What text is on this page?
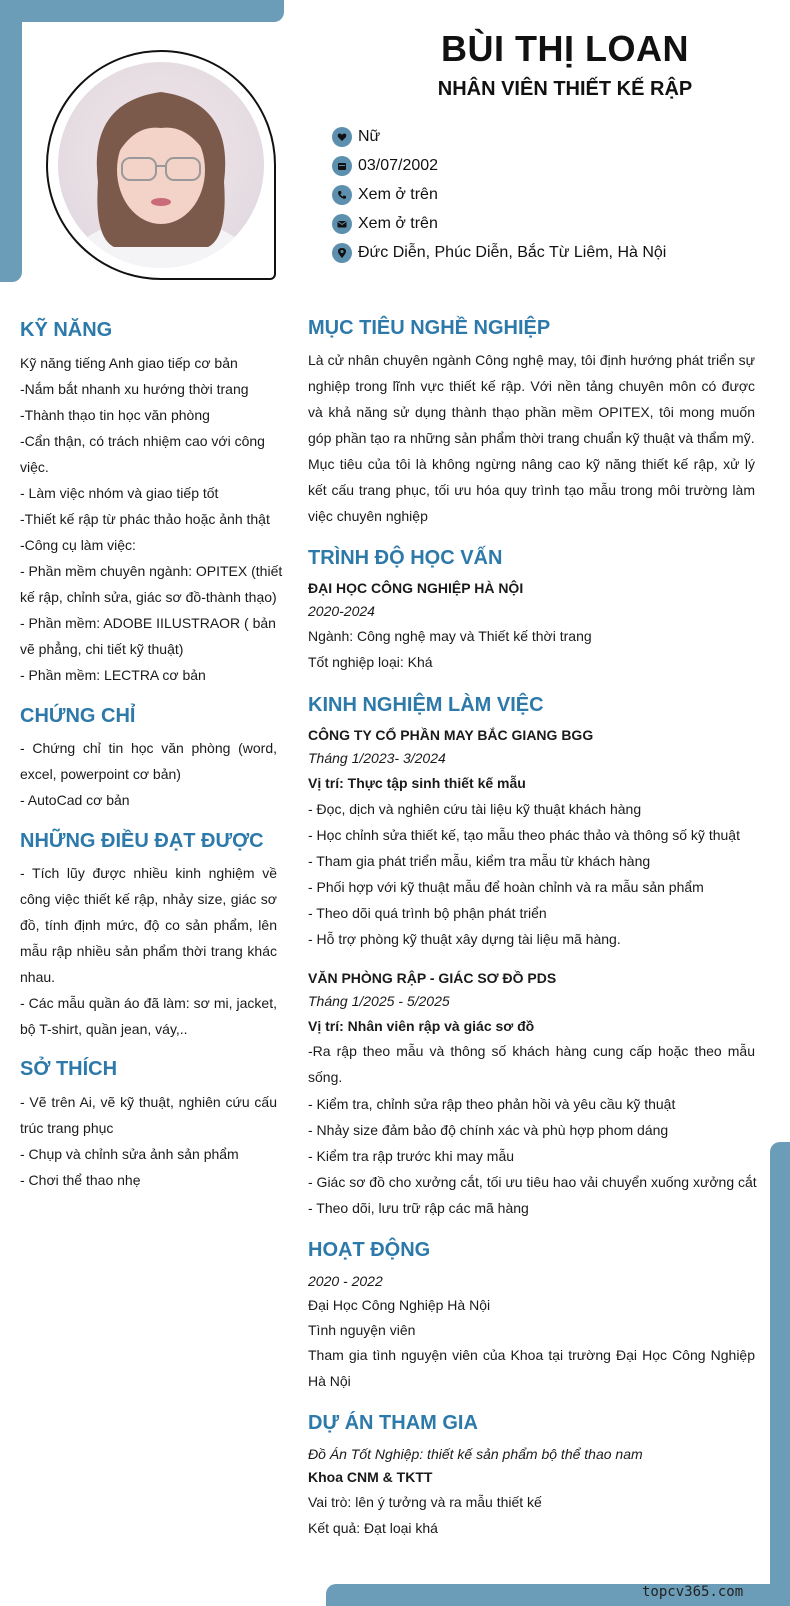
BÙI THỊ LOAN
NHÂN VIÊN THIẾT KẾ RẬP
Nữ
03/07/2002
Xem ở trên
Xem ở trên
Đức Diễn, Phúc Diễn, Bắc Từ Liêm, Hà Nội
KỸ NĂNG
Kỹ năng tiếng Anh giao tiếp cơ bản
-Nắm bắt nhanh xu hướng thời trang
-Thành thạo tin học văn phòng
-Cẩn thận, có trách nhiệm cao với công
việc.
- Làm việc nhóm và giao tiếp tốt
-Thiết kế rập từ phác thảo hoặc ảnh thật
-Công cụ làm việc:
- Phần mềm chuyên ngành: OPITEX (thiết
kế rập, chỉnh sửa, giác sơ đồ-thành thạo)
- Phần mềm: ADOBE IILUSTRAOR ( bản
vẽ phẳng, chi tiết kỹ thuật)
- Phần mềm: LECTRA cơ bản
CHỨNG CHỈ
- Chứng chỉ tin học văn phòng (word, excel, powerpoint cơ bản)
- AutoCad cơ bản
NHỮNG ĐIỀU ĐẠT ĐƯỢC
- Tích lũy được nhiều kinh nghiệm về công việc thiết kế rập, nhảy size, giác sơ đồ, tính định mức, độ co sản phẩm, lên mẫu rập nhiều sản phẩm thời trang khác nhau.
- Các mẫu quần áo đã làm: sơ mi, jacket, bộ T-shirt, quần jean, váy,..
SỞ THÍCH
- Vẽ trên Ai, vẽ kỹ thuật, nghiên cứu cấu trúc trang phục
- Chụp và chỉnh sửa ảnh sản phẩm
- Chơi thể thao nhẹ
MỤC TIÊU NGHỀ NGHIỆP
Là cử nhân chuyên ngành Công nghệ may, tôi định hướng phát triển sự nghiệp trong lĩnh vực thiết kế rập. Với nền tảng chuyên môn có được và khả năng sử dụng thành thạo phần mềm OPITEX, tôi mong muốn góp phần tạo ra những sản phẩm thời trang chuẩn kỹ thuật và thẩm mỹ.
Mục tiêu của tôi là không ngừng nâng cao kỹ năng thiết kế rập, xử lý kết cấu trang phục, tối ưu hóa quy trình tạo mẫu trong môi trường làm việc chuyên nghiệp
TRÌNH ĐỘ HỌC VẤN
ĐẠI HỌC CÔNG NGHIỆP HÀ NỘI
2020-2024
Ngành: Công nghệ may và Thiết kế thời trang
Tốt nghiệp loại: Khá
KINH NGHIỆM LÀM VIỆC
CÔNG TY CỔ PHẦN MAY BẮC GIANG BGG
Tháng 1/2023- 3/2024
Vị trí: Thực tập sinh thiết kế mẫu
- Đọc, dịch và nghiên cứu tài liệu kỹ thuật khách hàng
- Học chỉnh sửa thiết kế, tạo mẫu theo phác thảo và thông số kỹ thuật
- Tham gia phát triển mẫu, kiểm tra mẫu từ khách hàng
- Phối hợp với kỹ thuật mẫu để hoàn chỉnh và ra mẫu sản phẩm
- Theo dõi quá trình bộ phận phát triển
- Hỗ trợ phòng kỹ thuật xây dựng tài liệu mã hàng.
VĂN PHÒNG RẬP - GIÁC SƠ ĐỒ PDS
Tháng 1/2025 - 5/2025
Vị trí: Nhân viên rập và giác sơ đồ
-Ra rập theo mẫu và thông số khách hàng cung cấp hoặc theo mẫu sống.
- Kiểm tra, chỉnh sửa rập theo phản hồi và yêu cầu kỹ thuật
- Nhảy size đảm bảo độ chính xác và phù hợp phom dáng
- Kiểm tra rập trước khi may mẫu
- Giác sơ đồ cho xưởng cắt, tối ưu tiêu hao vải chuyển xuống xưởng cắt
- Theo dõi, lưu trữ rập các mã hàng
HOẠT ĐỘNG
2020 - 2022
Đại Học Công Nghiệp Hà Nội
Tình nguyện viên
Tham gia tình nguyện viên của Khoa tại trường Đại Học Công Nghiệp Hà Nội
DỰ ÁN THAM GIA
Đồ Án Tốt Nghiệp: thiết kế sản phẩm bộ thể thao nam
Khoa CNM & TKTT
Vai trò: lên ý tưởng và ra mẫu thiết kế
Kết quả: Đạt loại khá
topcv365.com
